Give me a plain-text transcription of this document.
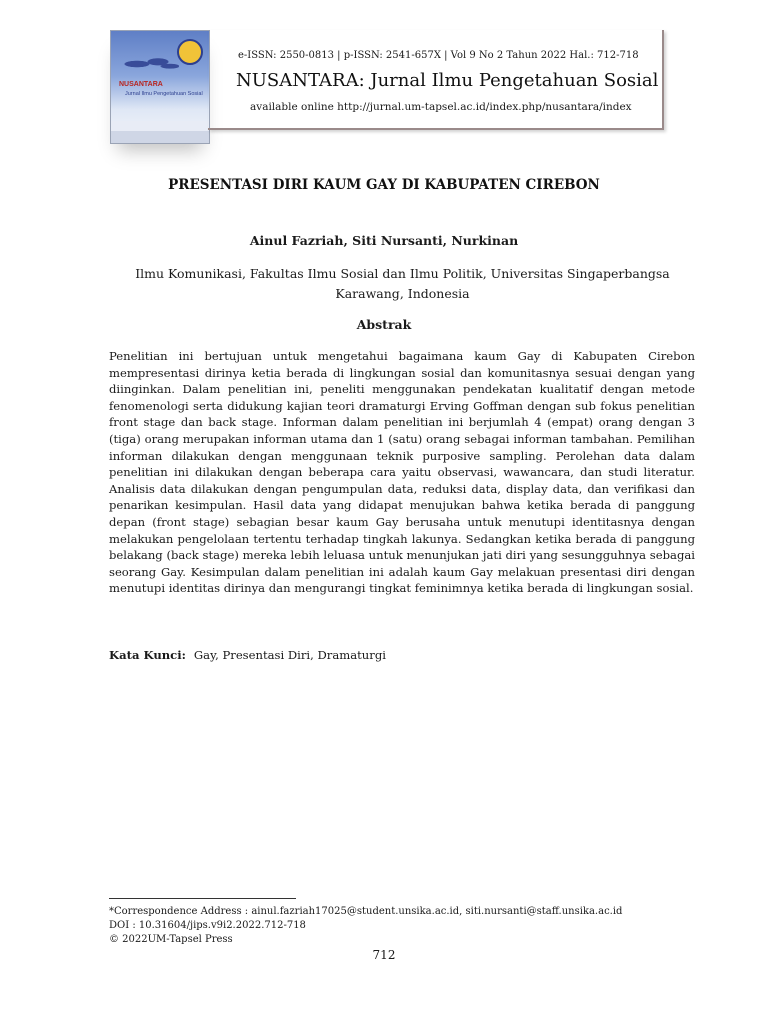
NUSANTARA
Jurnal Ilmu Pengetahuan Sosial
e-ISSN: 2550-0813 | p-ISSN: 2541-657X | Vol 9 No 2 Tahun 2022 Hal.: 712-718
NUSANTARA: Jurnal Ilmu Pengetahuan Sosial
available online http://jurnal.um-tapsel.ac.id/index.php/nusantara/index
PRESENTASI DIRI KAUM GAY DI KABUPATEN CIREBON
Ainul Fazriah, Siti Nursanti, Nurkinan
Ilmu Komunikasi, Fakultas Ilmu Sosial dan Ilmu Politik, Universitas Singaperbangsa Karawang, Indonesia
Abstrak

Penelitian ini bertujuan untuk mengetahui bagaimana kaum Gay di Kabupaten Cirebon mempresentasi dirinya ketia berada di lingkungan sosial dan komunitasnya sesuai dengan yang diinginkan. Dalam penelitian ini, peneliti menggunakan pendekatan kualitatif dengan metode fenomenologi serta didukung kajian teori dramaturgi Erving Goffman dengan sub fokus penelitian front stage dan back stage. Informan dalam penelitian ini berjumlah 4 (empat) orang dengan 3 (tiga) orang merupakan informan utama dan 1 (satu) orang sebagai informan tambahan. Pemilihan informan dilakukan dengan menggunaan teknik purposive sampling. Perolehan data dalam penelitian ini dilakukan dengan beberapa cara yaitu observasi, wawancara, dan studi literatur. Analisis data dilakukan dengan pengumpulan data, reduksi data, display data, dan verifikasi dan penarikan kesimpulan. Hasil data yang didapat menujukan bahwa ketika berada di panggung depan (front stage) sebagian besar kaum Gay berusaha untuk menutupi identitasnya dengan melakukan pengelolaan tertentu terhadap tingkah lakunya. Sedangkan ketika berada di panggung belakang (back stage) mereka lebih leluasa untuk menunjukan jati diri yang sesungguhnya sebagai seorang Gay. Kesimpulan dalam penelitian ini adalah kaum Gay melakuan presentasi diri dengan menutupi identitas dirinya dan mengurangi tingkat feminimnya ketika berada di lingkungan sosial.

Kata Kunci: Gay, Presentasi Diri, Dramaturgi
*Correspondence Address : ainul.fazriah17025@student.unsika.ac.id, siti.nursanti@staff.unsika.ac.id
DOI : 10.31604/jips.v9i2.2022.712-718
© 2022UM-Tapsel Press
712
